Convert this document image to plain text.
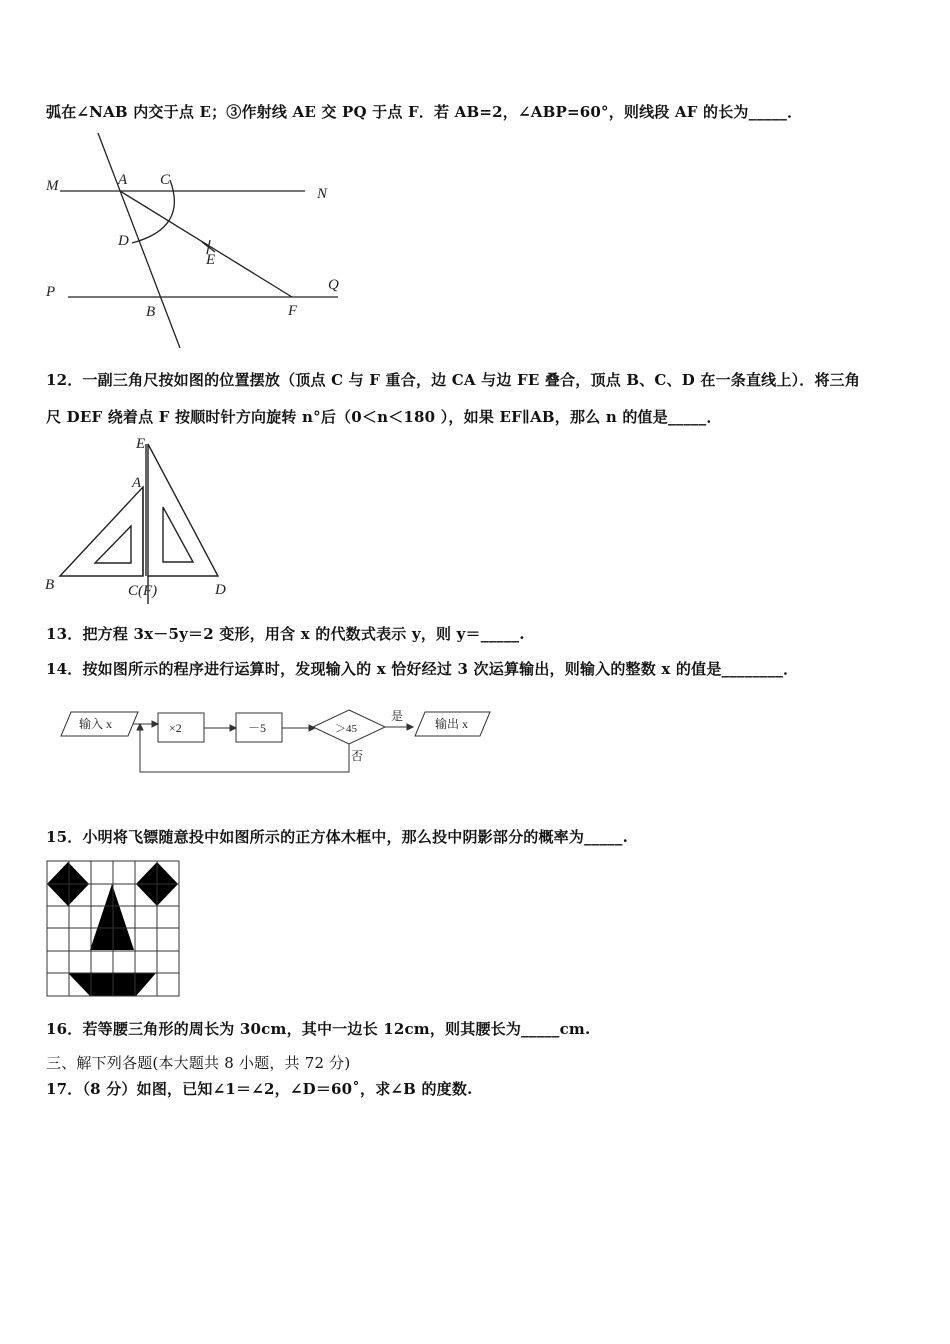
弧在∠NAB 内交于点 E；③作射线 AE 交 PQ 于点 F．若 AB=2，∠ABP=60°，则线段 AF 的长为_____．
M	A C
N
D
E
P	Q
B	F
12．一副三角尺按如图的位置摆放（顶点 C 与 F 重合，边 CA 与边 FE 叠合，顶点 B、C、D 在一条直线上）．将三角
尺 DEF 绕着点 F 按顺时针方向旋转 n°后（0＜n＜180 ），如果 EF∥AB，那么 n 的值是_____．
E
A
B	C(F)	D
13．把方程 3x－5y＝2 变形，用含 x 的代数式表示 y，则 y＝_____.
14．按如图所示的程序进行运算时，发现输入的 x 恰好经过 3 次运算输出，则输入的整数 x 的值是________．
输入 x	×2	－5	＞45
是
否
输出 x
15．小明将飞镖随意投中如图所示的正方体木框中，那么投中阴影部分的概率为_____.
16．若等腰三角形的周长为 30cm，其中一边长 12cm，则其腰长为_____cm.
三、解下列各题(本大题共 8 小题，共 72 分)
17．（8 分）如图，已知∠1＝∠2，∠D＝60˚，求∠B 的度数.
